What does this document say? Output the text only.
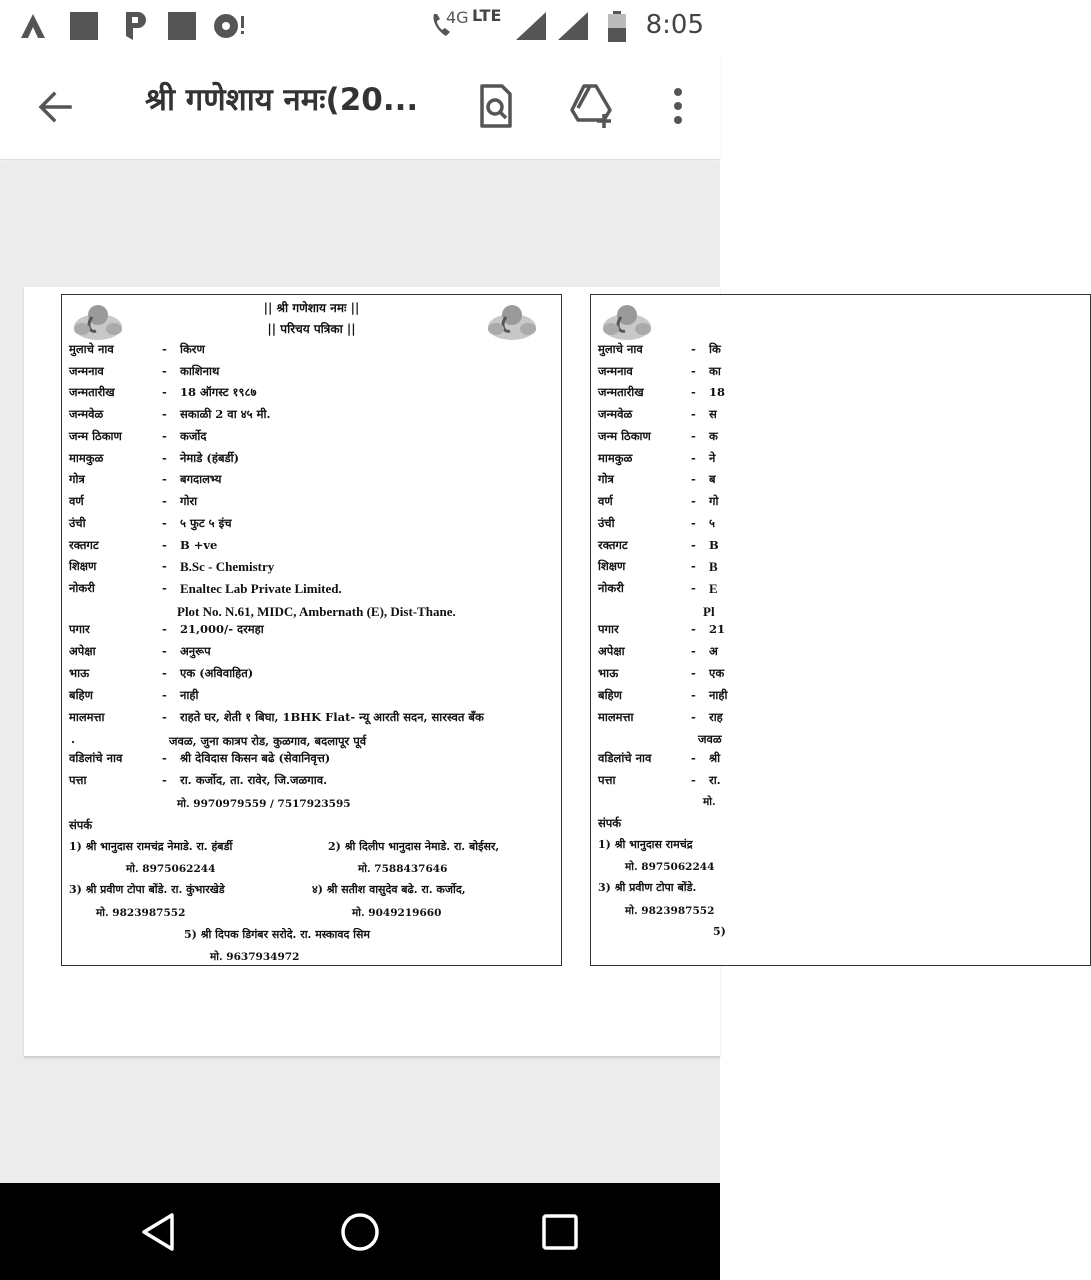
4G LTE	8:05
श्री गणेशाय नमः(20...
|| श्री गणेशाय नमः ||
|| परिचय पत्रिका ||
मुलाचे नाव	- किरण
जन्मनाव	- काशिनाथ
जन्मतारीख	- 18 ऑगस्ट १९८७
जन्मवेळ	- सकाळी 2 वा ४५ मी.
जन्म ठिकाण	- कर्जोद
मामकुळ	- नेमाडे (हंबर्डी)
गोत्र	- बगदालभ्य
वर्ण	- गोरा
उंची	- ५ फुट ५ इंच
रक्तगट	- B +ve
शिक्षण	- B.Sc - Chemistry
नोकरी	- Enaltec Lab Private Limited.
पगार	- 21,000/- दरमहा
अपेक्षा	- अनुरूप
भाऊ	- एक (अविवाहित)
बहिण	- नाही
मालमत्ता	- राहते घर, शेती १ बिघा, 1BHK Flat- न्यू आरती सदन, सारस्वत बँक
वडिलांचे नाव	- श्री देविदास किसन बढे (सेवानिवृत्त)
पत्ता	- रा. कर्जोद, ता. रावेर, जि.जळगाव.
Plot No. N.61, MIDC, Ambernath (E), Dist-Thane.
जवळ, जुना कात्रप रोड, कुळगाव, बदलापूर पूर्व
.
मो. 9970979559 / 7517923595
संपर्क
1) श्री भानुदास रामचंद्र नेमाडे. रा. हंबर्डी
मो. 8975062244
2) श्री दिलीप भानुदास नेमाडे. रा. बोईसर,
मो. 7588437646
3) श्री प्रवीण टोपा बोंडे. रा. कुंभारखेडे
मो. 9823987552
४) श्री सतीश वासुदेव बढे. रा. कर्जोद,
मो. 9049219660
5) श्री दिपक डिगंबर सरोदे. रा. मस्कावद सिम
मो. 9637934972
मुलाचे नाव	- कि
जन्मनाव	- का
जन्मतारीख	- 18
जन्मवेळ	- स
जन्म ठिकाण	- क
मामकुळ	- ने
गोत्र	- ब
वर्ण	- गो
उंची	- ५
रक्तगट	- B
शिक्षण	- B
नोकरी	- E
पगार	- 21
अपेक्षा	- अ
भाऊ	- एक
बहिण	- नाही
मालमत्ता	- राह
वडिलांचे नाव	- श्री
पत्ता	- रा.
Pl
जवळ
मो.
संपर्क
1) श्री भानुदास रामचंद्र
मो. 8975062244
3) श्री प्रवीण टोपा बोंडे.
मो. 9823987552
5)
